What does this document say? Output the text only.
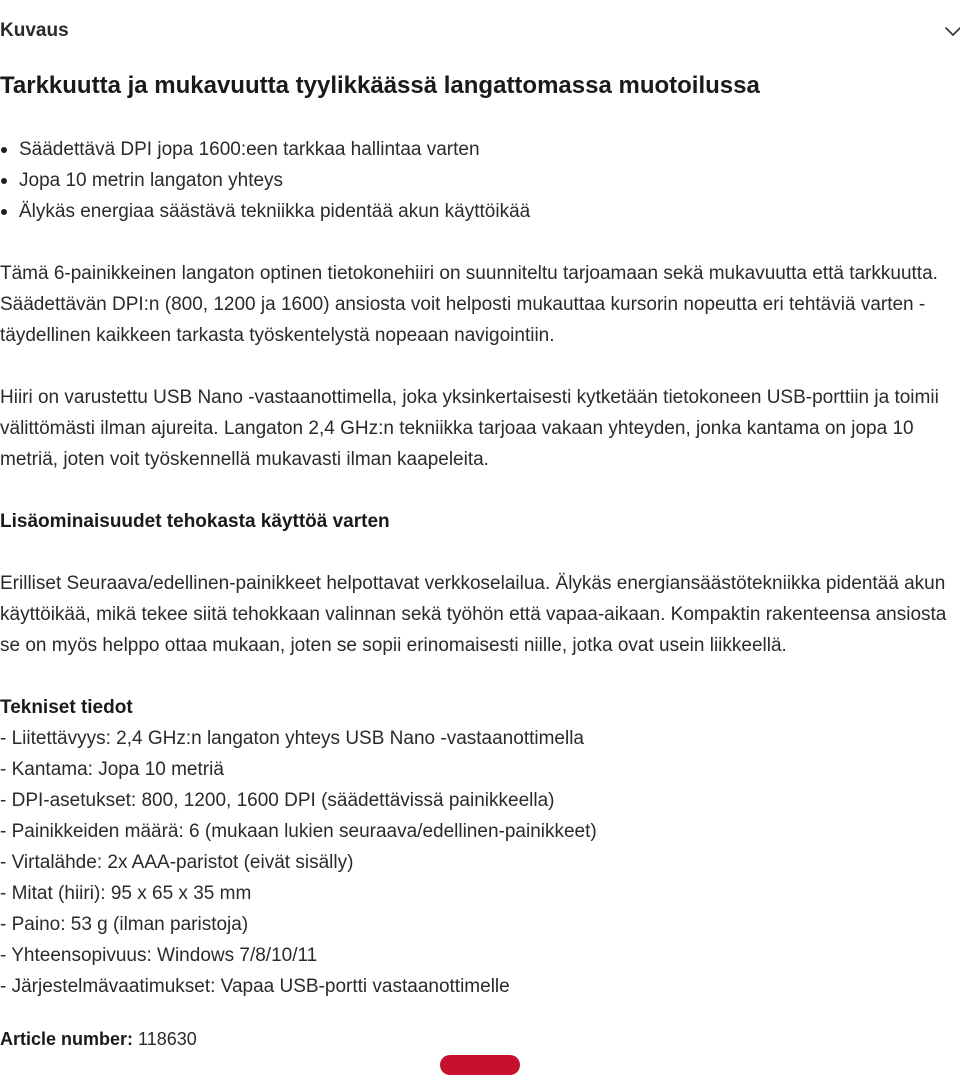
Kuvaus
Tarkkuutta ja mukavuutta tyylikkäässä langattomassa muotoilussa
Säädettävä DPI jopa 1600:een tarkkaa hallintaa varten
Jopa 10 metrin langaton yhteys
Älykäs energiaa säästävä tekniikka pidentää akun käyttöikää

Tämä 6-painikkeinen langaton optinen tietokonehiiri on suunniteltu tarjoamaan sekä mukavuutta että tarkkuutta. Säädettävän DPI:n (800, 1200 ja 1600) ansiosta voit helposti mukauttaa kursorin nopeutta eri tehtäviä varten - täydellinen kaikkeen tarkasta työskentelystä nopeaan navigointiin.

Hiiri on varustettu USB Nano -vastaanottimella, joka yksinkertaisesti kytketään tietokoneen USB-porttiin ja toimii välittömästi ilman ajureita. Langaton 2,4 GHz:n tekniikka tarjoaa vakaan yhteyden, jonka kantama on jopa 10 metriä, joten voit työskennellä mukavasti ilman kaapeleita.

Lisäominaisuudet tehokasta käyttöä varten

Erilliset Seuraava/edellinen-painikkeet helpottavat verkkoselailua. Älykäs energiansäästötekniikka pidentää akun käyttöikää, mikä tekee siitä tehokkaan valinnan sekä työhön että vapaa-aikaan. Kompaktin rakenteensa ansiosta se on myös helppo ottaa mukaan, joten se sopii erinomaisesti niille, jotka ovat usein liikkeellä.

Tekniset tiedot

- Liitettävyys: 2,4 GHz:n langaton yhteys USB Nano -vastaanottimella
- Kantama: Jopa 10 metriä
- DPI-asetukset: 800, 1200, 1600 DPI (säädettävissä painikkeella)
- Painikkeiden määrä: 6 (mukaan lukien seuraava/edellinen-painikkeet)
- Virtalähde: 2x AAA-paristot (eivät sisälly)
- Mitat (hiiri): 95 x 65 x 35 mm
- Paino: 53 g (ilman paristoja)
- Yhteensopivuus: Windows 7/8/10/11
- Järjestelmävaatimukset: Vapaa USB-portti vastaanottimelle
Article number: 118630
